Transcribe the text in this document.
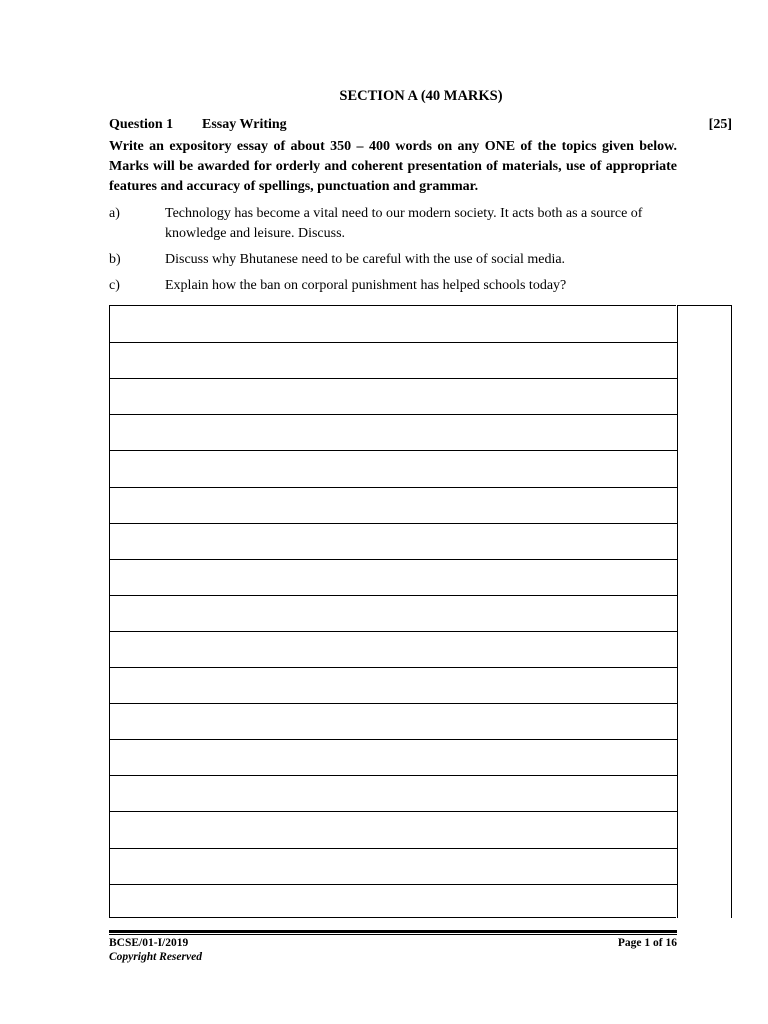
SECTION A (40 MARKS)
Question 1 Essay Writing	[25]
Write an expository essay of about 350 – 400 words on any ONE of the topics given below. Marks will be awarded for orderly and coherent presentation of materials, use of appropriate features and accuracy of spellings, punctuation and grammar.
a)	Technology has become a vital need to our modern society. It acts both as a source of knowledge and leisure. Discuss.
b)	Discuss why Bhutanese need to be careful with the use of social media.
c)	Explain how the ban on corporal punishment has helped schools today?
BCSE/01-I/2019	Page 1 of 16
Copyright Reserved
